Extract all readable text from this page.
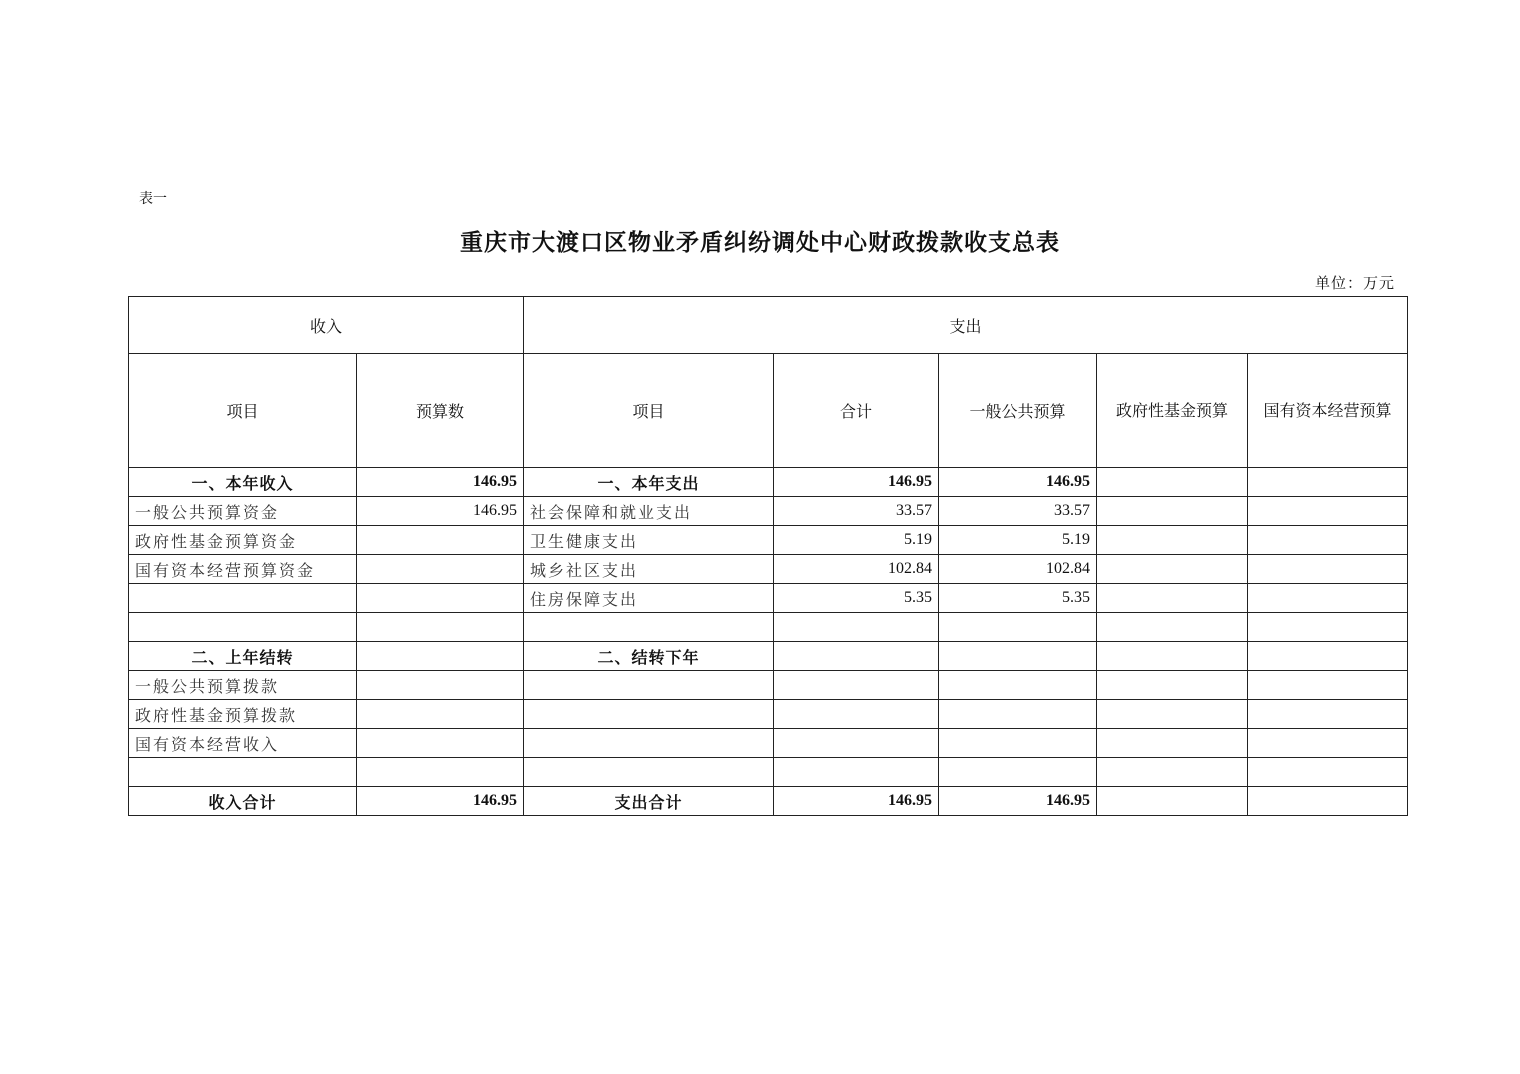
表一
重庆市大渡口区物业矛盾纠纷调处中心财政拨款收支总表
单位：万元
收入		支出				
项目	预算数	项目	合计	一般公共预算	政府性基金预算	国有资本经营预算
一、本年收入	146.95	一、本年支出	146.95	146.95		
一般公共预算资金	146.95	社会保障和就业支出	33.57	33.57		
政府性基金预算资金		卫生健康支出	5.19	5.19		
国有资本经营预算资金		城乡社区支出	102.84	102.84		
		住房保障支出	5.35	5.35		

二、上年结转		二、结转下年				
一般公共预算拨款						
政府性基金预算拨款						
国有资本经营收入						

收入合计	146.95	支出合计	146.95	146.95		
